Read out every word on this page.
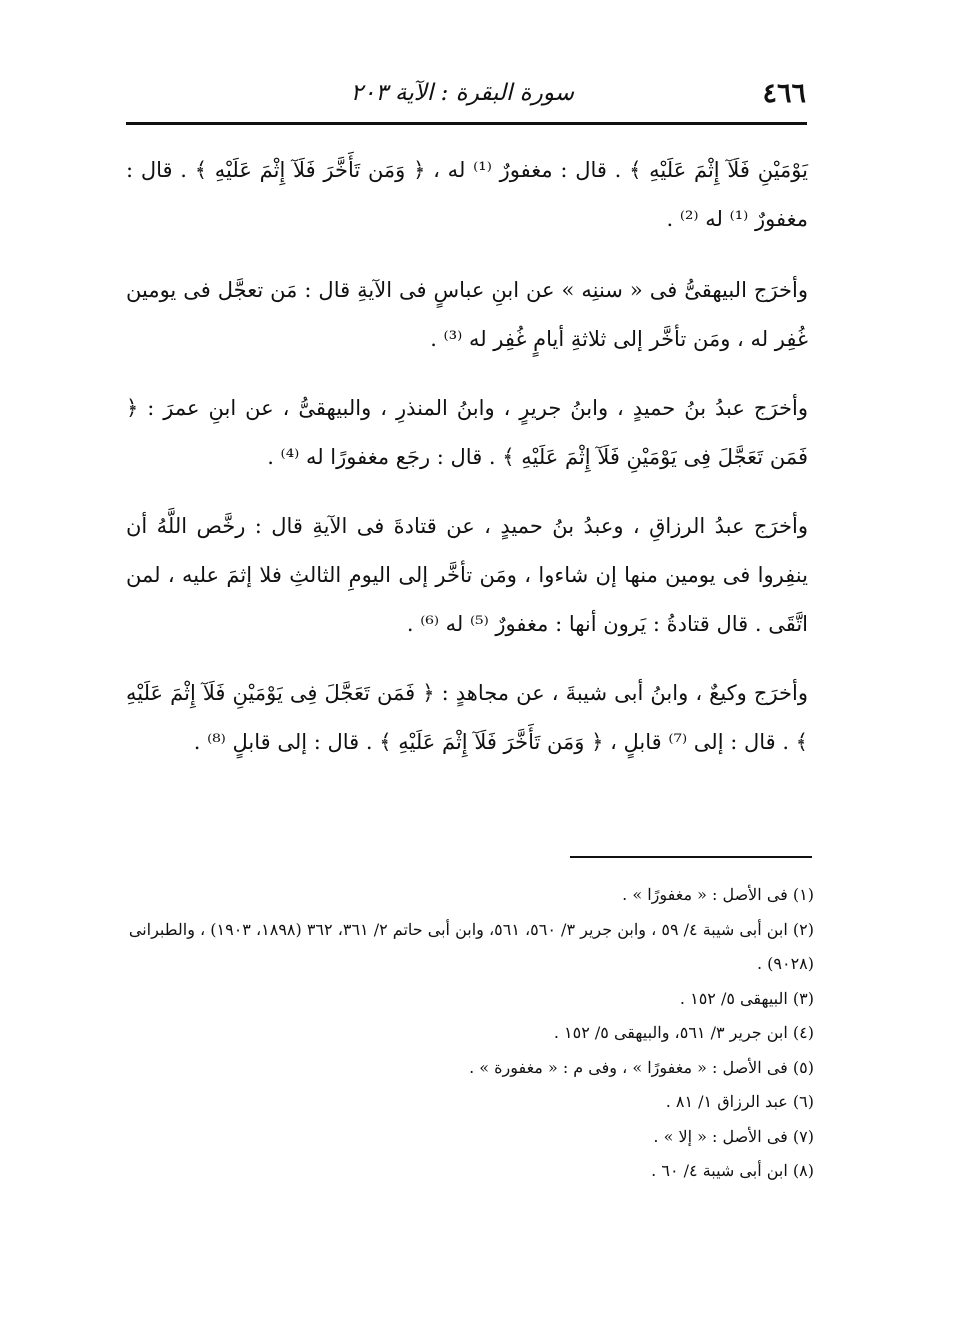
٤٦٦
سورة البقرة : الآية ٢٠٣

يَوْمَيْنِ فَلَآ إِثْمَ عَلَيْهِ ﴾ . قال : مغفورٌ ⁽¹⁾ له ، ﴿ وَمَن تَأَخَّرَ فَلَآ إِثْمَ عَلَيْهِ ﴾ . قال : مغفورٌ ⁽¹⁾ له ⁽²⁾ .

وأخرَج البيهقىُّ فى « سننِه » عن ابنِ عباسٍ فى الآيةِ قال : مَن تعجَّل فى يومين غُفِر له ، ومَن تأخَّر إلى ثلاثةِ أيامٍ غُفِر له ⁽³⁾ .

وأخرَج عبدُ بنُ حميدٍ ، وابنُ جريرٍ ، وابنُ المنذرِ ، والبيهقىُّ ، عن ابنِ عمرَ : ﴿ فَمَن تَعَجَّلَ فِى يَوْمَيْنِ فَلَآ إِثْمَ عَلَيْهِ ﴾ . قال : رجَع مغفورًا له ⁽⁴⁾ .

وأخرَج عبدُ الرزاقِ ، وعبدُ بنُ حميدٍ ، عن قتادةَ فى الآيةِ قال : رخَّص اللَّهُ أن ينفِروا فى يومين منها إن شاءوا ، ومَن تأخَّر إلى اليومِ الثالثِ فلا إثمَ عليه ، لمن اتَّقَى . قال قتادةُ : يَرون أنها : مغفورٌ ⁽⁵⁾ له ⁽⁶⁾ .

وأخرَج وكيعٌ ، وابنُ أبى شيبةَ ، عن مجاهدٍ : ﴿ فَمَن تَعَجَّلَ فِى يَوْمَيْنِ فَلَآ إِثْمَ عَلَيْهِ ﴾ . قال : إلى ⁽⁷⁾ قابلٍ ، ﴿ وَمَن تَأَخَّرَ فَلَآ إِثْمَ عَلَيْهِ ﴾ . قال : إلى قابلٍ ⁽⁸⁾ .

(١) فى الأصل : « مغفورًا » .

(٢) ابن أبى شيبة ٤/ ٥٩ ، وابن جرير ٣/ ٥٦٠، ٥٦١، وابن أبى حاتم ٢/ ٣٦١، ٣٦٢ (١٨٩٨، ١٩٠٣) ، والطبرانى (٩٠٢٨) .

(٣) البيهقى ٥/ ١٥٢ .

(٤) ابن جرير ٣/ ٥٦١، والبيهقى ٥/ ١٥٢ .

(٥) فى الأصل : « مغفورًا » ، وفى م : « مغفورة » .

(٦) عبد الرزاق ١/ ٨١ .

(٧) فى الأصل : « إلا » .

(٨) ابن أبى شيبة ٤/ ٦٠ .
